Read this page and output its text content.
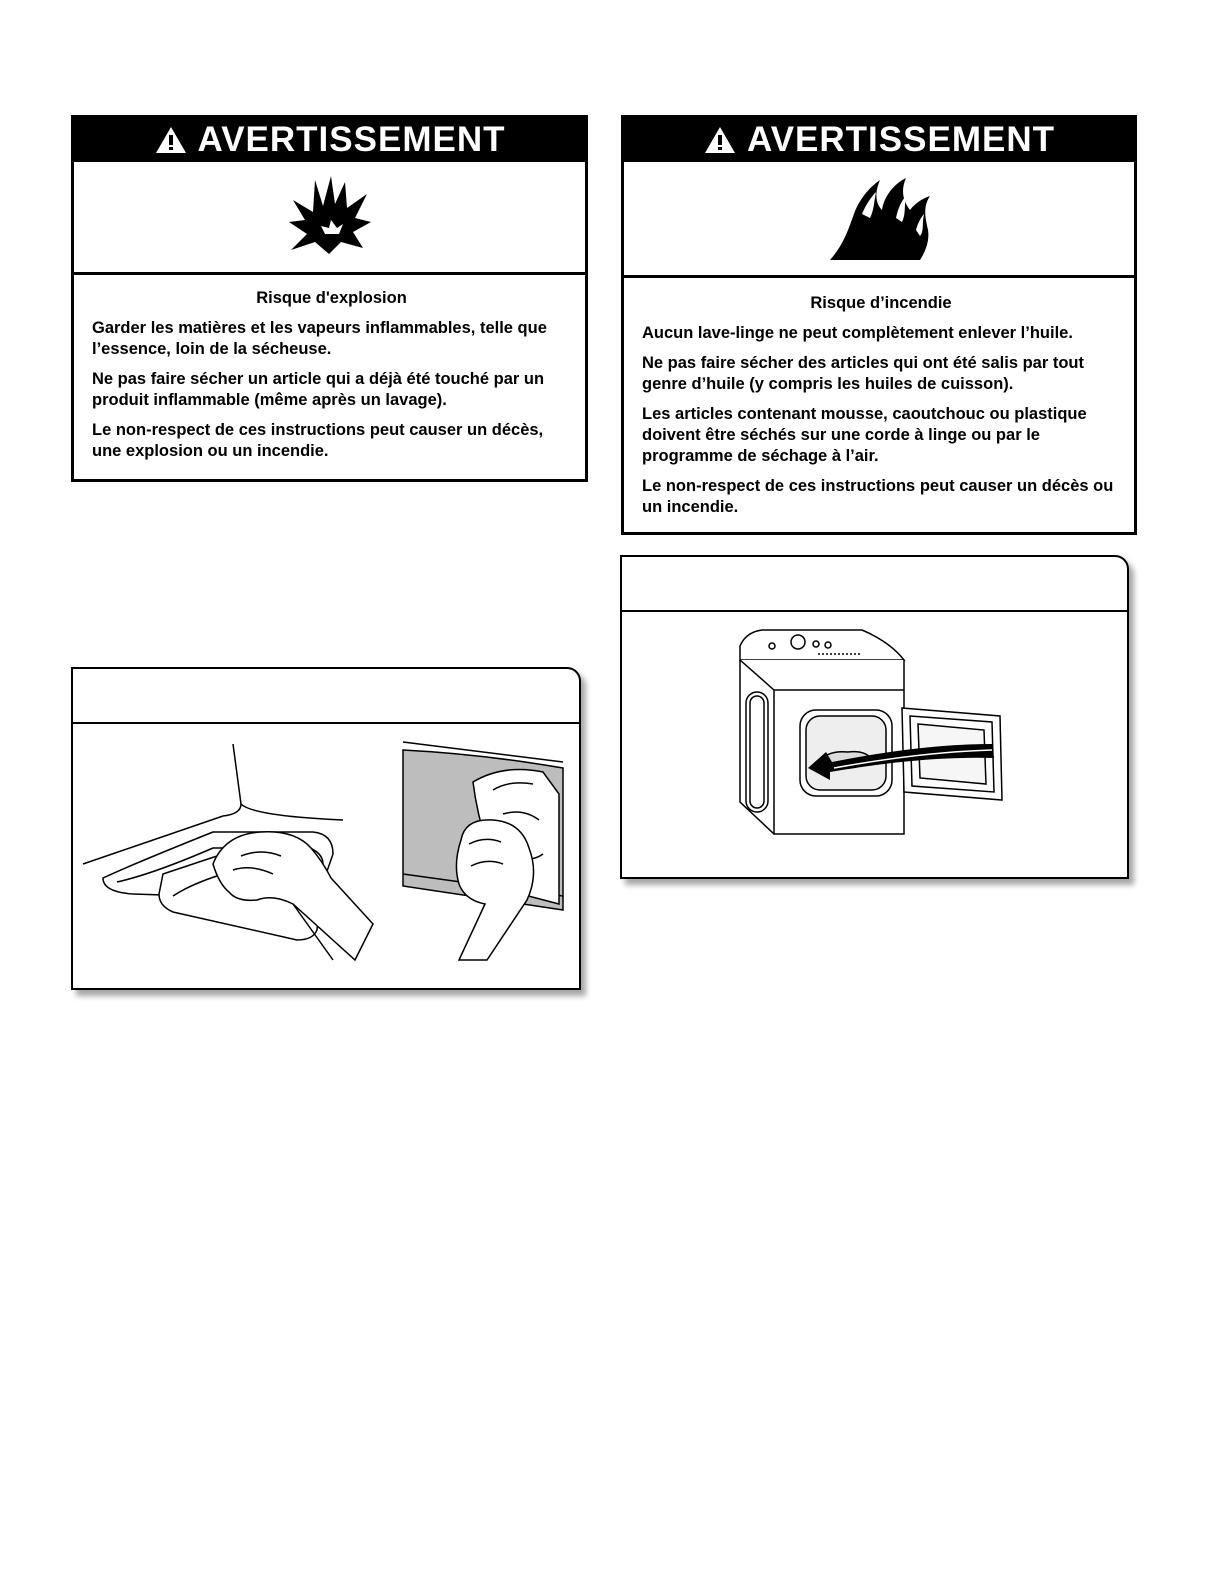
AVERTISSEMENT
Risque d'explosion

Garder les matières et les vapeurs inflammables, telle que l’essence, loin de la sécheuse.

Ne pas faire sécher un article qui a déjà été touché par un produit inflammable (même après un lavage).

Le non-respect de ces instructions peut causer un décès, une explosion ou un incendie.

AVERTISSEMENT
Risque d’incendie

Aucun lave-linge ne peut complètement enlever l’huile.

Ne pas faire sécher des articles qui ont été salis par tout genre d’huile (y compris les huiles de cuisson).

Les articles contenant mousse, caoutchouc ou plastique doivent être séchés sur une corde à linge ou par le programme de séchage à l’air.

Le non-respect de ces instructions peut causer un décès ou un incendie.
